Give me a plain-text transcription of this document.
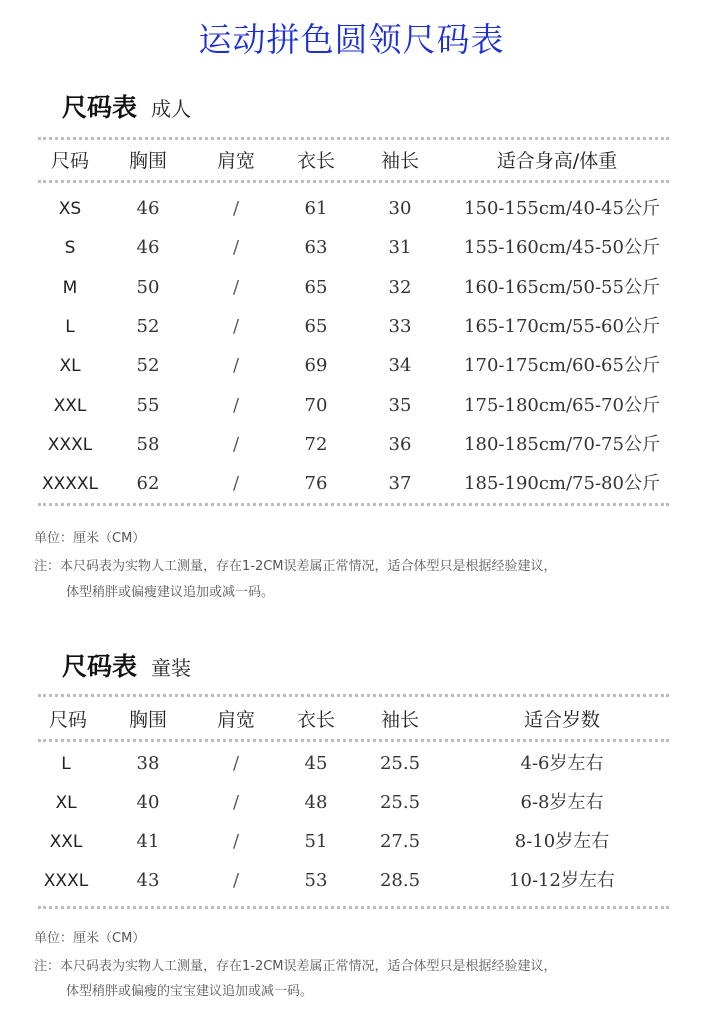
运动拼色圆领尺码表
尺码表 成人
尺码	胸围	肩宽	衣长	袖长	适合身高/体重
XS	46	/	61	30	150-155cm/40-45公斤
S	46	/	63	31	155-160cm/45-50公斤
M	50	/	65	32	160-165cm/50-55公斤
L	52	/	65	33	165-170cm/55-60公斤
XL	52	/	69	34	170-175cm/60-65公斤
XXL	55	/	70	35	175-180cm/65-70公斤
XXXL	58	/	72	36	180-185cm/70-75公斤
XXXXL	62	/	76	37	185-190cm/75-80公斤
单位：厘米（CM）
注：本尺码表为实物人工测量，存在1-2CM误差属正常情况，适合体型只是根据经验建议，
体型稍胖或偏瘦建议追加或减一码。
尺码表 童装
尺码	胸围	肩宽	衣长	袖长	适合岁数
L	38	/	45	25.5	4-6岁左右
XL	40	/	48	25.5	6-8岁左右
XXL	41	/	51	27.5	8-10岁左右
XXXL	43	/	53	28.5	10-12岁左右
单位：厘米（CM）
注：本尺码表为实物人工测量，存在1-2CM误差属正常情况，适合体型只是根据经验建议，
体型稍胖或偏瘦的宝宝建议追加或减一码。
